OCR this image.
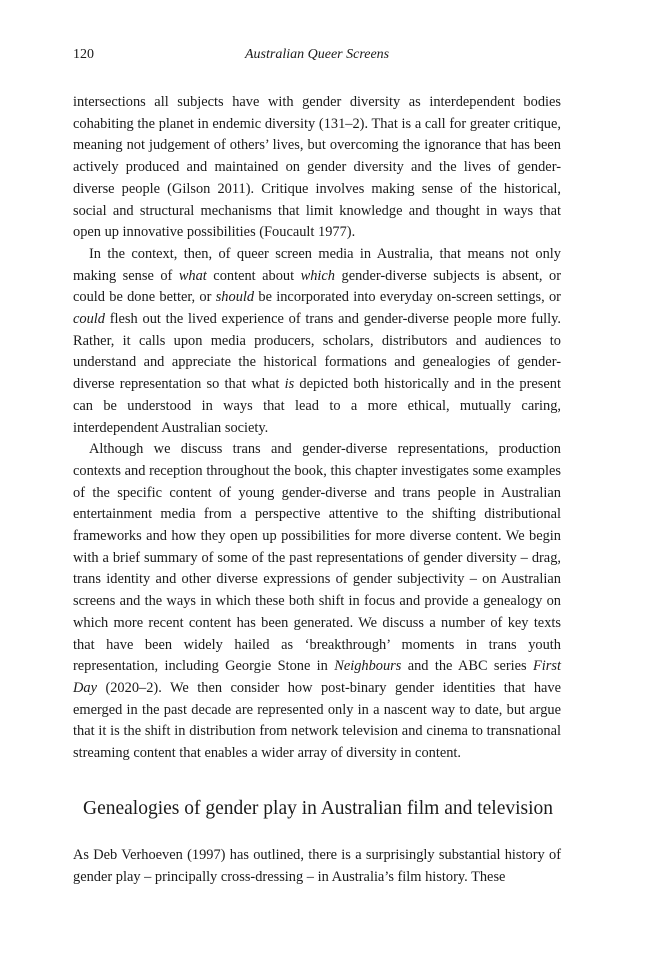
120	Australian Queer Screens

intersections all subjects have with gender diversity as interdependent bodies cohabiting the planet in endemic diversity (131–2). That is a call for greater critique, meaning not judgement of others’ lives, but overcoming the ignorance that has been actively produced and maintained on gender diversity and the lives of gender-diverse people (Gilson 2011). Critique involves making sense of the historical, social and structural mechanisms that limit knowledge and thought in ways that open up innovative possibilities (Foucault 1977).

In the context, then, of queer screen media in Australia, that means not only making sense of what content about which gender-diverse subjects is absent, or could be done better, or should be incorporated into everyday on-screen settings, or could flesh out the lived experience of trans and gender-diverse people more fully. Rather, it calls upon media producers, scholars, distributors and audiences to understand and appreciate the historical formations and genealogies of gender-diverse representation so that what is depicted both historically and in the present can be understood in ways that lead to a more ethical, mutually caring, interdependent Australian society.

Although we discuss trans and gender-diverse representations, production contexts and reception throughout the book, this chapter investigates some examples of the specific content of young gender-diverse and trans people in Australian entertainment media from a perspective attentive to the shifting distributional frameworks and how they open up possibilities for more diverse content. We begin with a brief summary of some of the past representations of gender diversity – drag, trans identity and other diverse expressions of gender subjectivity – on Australian screens and the ways in which these both shift in focus and provide a genealogy on which more recent content has been generated. We discuss a number of key texts that have been widely hailed as ‘breakthrough’ moments in trans youth representation, including Georgie Stone in Neighbours and the ABC series First Day (2020–2). We then consider how post-binary gender identities that have emerged in the past decade are represented only in a nascent way to date, but argue that it is the shift in distribution from network television and cinema to transnational streaming content that enables a wider array of diversity in content.

Genealogies of gender play in Australian film and television

As Deb Verhoeven (1997) has outlined, there is a surprisingly substantial history of gender play – principally cross-dressing – in Australia’s film history. These
